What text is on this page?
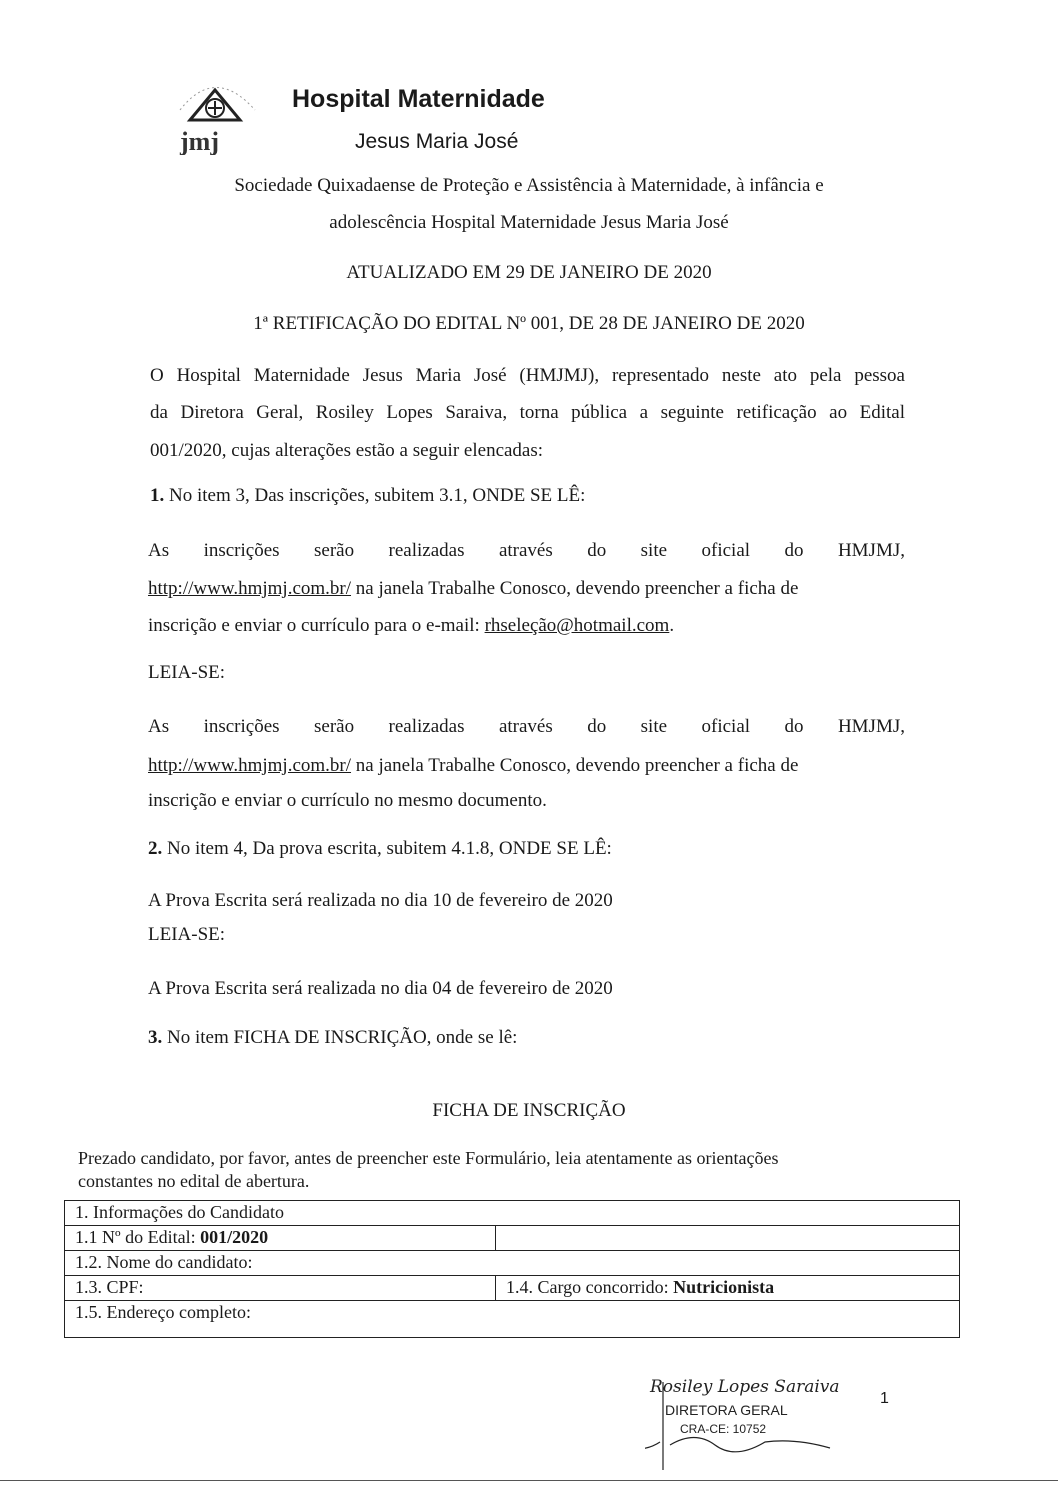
jmj
Hospital Maternidade
Jesus Maria José
Sociedade Quixadaense de Proteção e Assistência à Maternidade, à infância e
adolescência Hospital Maternidade Jesus Maria José
ATUALIZADO EM 29 DE JANEIRO DE 2020
1ª RETIFICAÇÃO DO EDITAL Nº 001, DE 28 DE JANEIRO DE 2020
O Hospital Maternidade Jesus Maria José (HMJMJ), representado neste ato pela pessoa
da Diretora Geral, Rosiley Lopes Saraiva, torna pública a seguinte retificação ao Edital
001/2020, cujas alterações estão a seguir elencadas:
1. No item 3, Das inscrições, subitem 3.1, ONDE SE LÊ:
As inscrições serão realizadas através do site oficial do HMJMJ,
http://www.hmjmj.com.br/ na janela Trabalhe Conosco, devendo preencher a ficha de
inscrição e enviar o currículo para o e-mail: rhseleção@hotmail.com.
LEIA-SE:
As inscrições serão realizadas através do site oficial do HMJMJ,
http://www.hmjmj.com.br/ na janela Trabalhe Conosco, devendo preencher a ficha de
inscrição e enviar o currículo no mesmo documento.
2. No item 4, Da prova escrita, subitem 4.1.8, ONDE SE LÊ:
A Prova Escrita será realizada no dia 10 de fevereiro de 2020
LEIA-SE:
A Prova Escrita será realizada no dia 04 de fevereiro de 2020
3. No item FICHA DE INSCRIÇÃO, onde se lê:
FICHA DE INSCRIÇÃO
Prezado candidato, por favor, antes de preencher este Formulário, leia atentamente as orientações
constantes no edital de abertura.
1. Informações do Candidato	
1.1 Nº do Edital: 001/2020	
1.2. Nome do candidato:	
1.3. CPF:	1.4. Cargo concorrido: Nutricionista
1.5. Endereço completo:	
Rosiley Lopes Saraiva
DIRETORA GERAL
CRA-CE: 10752
1
